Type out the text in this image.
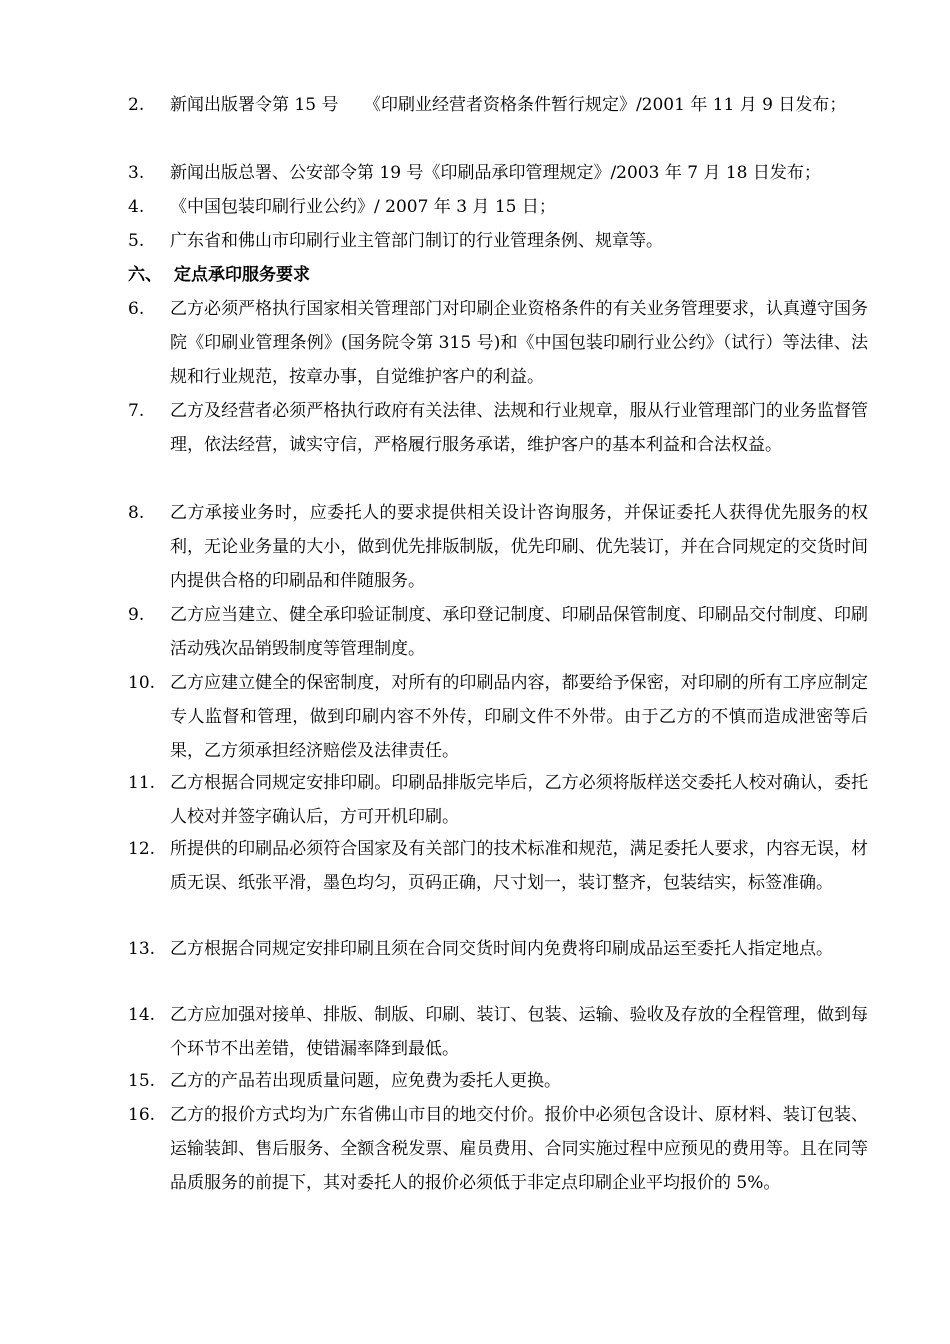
2.	新闻出版署令第 15 号　　《印刷业经营者资格条件暂行规定》/2001 年 11 月 9 日发布；
3.	新闻出版总署、公安部令第 19 号《印刷品承印管理规定》/2003 年 7 月 18 日发布；
4.	《中国包装印刷行业公约》/ 2007 年 3 月 15 日；
5.	广东省和佛山市印刷行业主管部门制订的行业管理条例、规章等。
六、 定点承印服务要求
6.	乙方必须严格执行国家相关管理部门对印刷企业资格条件的有关业务管理要求，认真遵守国务院《印刷业管理条例》(国务院令第 315 号)和《中国包装印刷行业公约》（试行）等法律、法规和行业规范，按章办事，自觉维护客户的利益。
7.	乙方及经营者必须严格执行政府有关法律、法规和行业规章，服从行业管理部门的业务监督管理，依法经营，诚实守信，严格履行服务承诺，维护客户的基本利益和合法权益。
8.	乙方承接业务时，应委托人的要求提供相关设计咨询服务，并保证委托人获得优先服务的权利，无论业务量的大小，做到优先排版制版，优先印刷、优先装订，并在合同规定的交货时间内提供合格的印刷品和伴随服务。
9.	乙方应当建立、健全承印验证制度、承印登记制度、印刷品保管制度、印刷品交付制度、印刷活动残次品销毁制度等管理制度。
10. 乙方应建立健全的保密制度，对所有的印刷品内容，都要给予保密，对印刷的所有工序应制定专人监督和管理，做到印刷内容不外传，印刷文件不外带。由于乙方的不慎而造成泄密等后果，乙方须承担经济赔偿及法律责任。
11. 乙方根据合同规定安排印刷。印刷品排版完毕后，乙方必须将版样送交委托人校对确认，委托人校对并签字确认后，方可开机印刷。
12. 所提供的印刷品必须符合国家及有关部门的技术标准和规范，满足委托人要求，内容无误，材质无误、纸张平滑，墨色均匀，页码正确，尺寸划一，装订整齐，包装结实，标签准确。
13. 乙方根据合同规定安排印刷且须在合同交货时间内免费将印刷成品运至委托人指定地点。
14. 乙方应加强对接单、排版、制版、印刷、装订、包装、运输、验收及存放的全程管理，做到每个环节不出差错，使错漏率降到最低。
15. 乙方的产品若出现质量问题，应免费为委托人更换。
16. 乙方的报价方式均为广东省佛山市目的地交付价。报价中必须包含设计、原材料、装订包装、运输装卸、售后服务、全额含税发票、雇员费用、合同实施过程中应预见的费用等。且在同等品质服务的前提下，其对委托人的报价必须低于非定点印刷企业平均报价的 5%。
